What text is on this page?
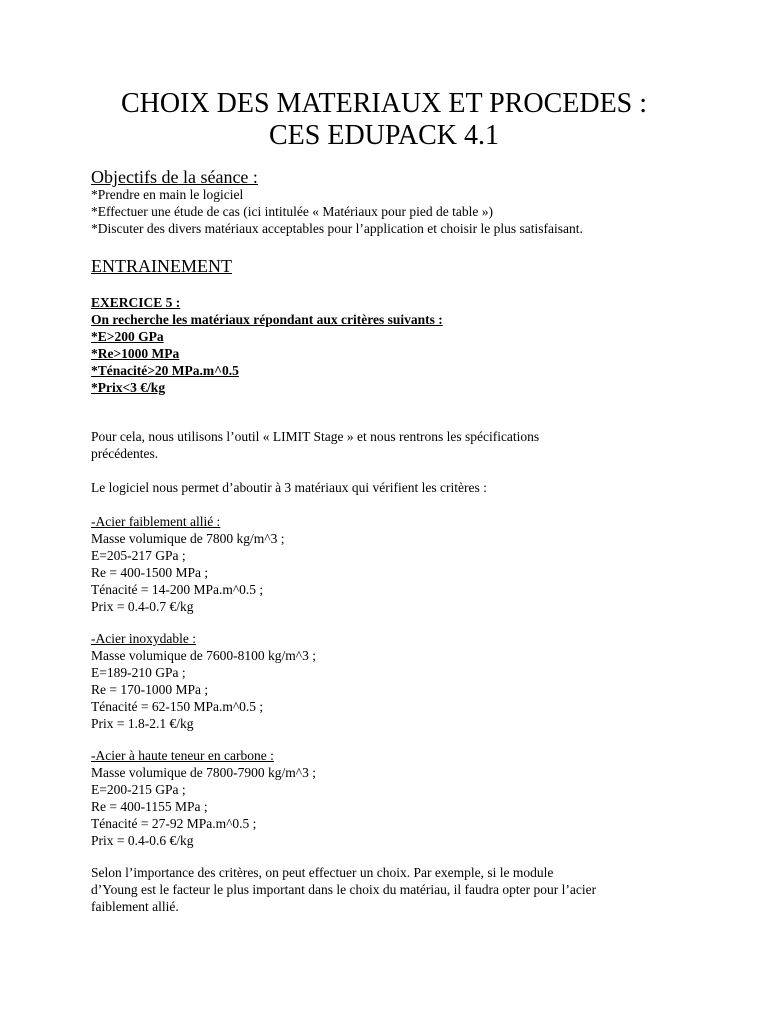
CHOIX DES MATERIAUX ET PROCEDES :
CES EDUPACK 4.1
Objectifs de la séance :
*Prendre en main le logiciel
*Effectuer une étude de cas (ici intitulée « Matériaux pour pied de table »)
*Discuter des divers matériaux acceptables pour l’application et choisir le plus satisfaisant.
ENTRAINEMENT
EXERCICE 5 :
On recherche les matériaux répondant aux critères suivants :
*E>200 GPa
*Re>1000 MPa
*Ténacité>20 MPa.m^0.5
*Prix<3 €/kg
Pour cela, nous utilisons l’outil « LIMIT Stage » et nous rentrons les spécifications
précédentes.
Le logiciel nous permet d’aboutir à 3 matériaux qui vérifient les critères :
-Acier faiblement allié :
Masse volumique de 7800 kg/m^3 ;
E=205-217 GPa ;
Re = 400-1500 MPa ;
Ténacité = 14-200 MPa.m^0.5 ;
Prix = 0.4-0.7 €/kg
-Acier inoxydable :
Masse volumique de 7600-8100 kg/m^3 ;
E=189-210 GPa ;
Re = 170-1000 MPa ;
Ténacité = 62-150 MPa.m^0.5 ;
Prix = 1.8-2.1 €/kg
-Acier à haute teneur en carbone :
Masse volumique de 7800-7900 kg/m^3 ;
E=200-215 GPa ;
Re = 400-1155 MPa ;
Ténacité = 27-92 MPa.m^0.5 ;
Prix = 0.4-0.6 €/kg
Selon l’importance des critères, on peut effectuer un choix. Par exemple, si le module
d’Young est le facteur le plus important dans le choix du matériau, il faudra opter pour l’acier
faiblement allié.
